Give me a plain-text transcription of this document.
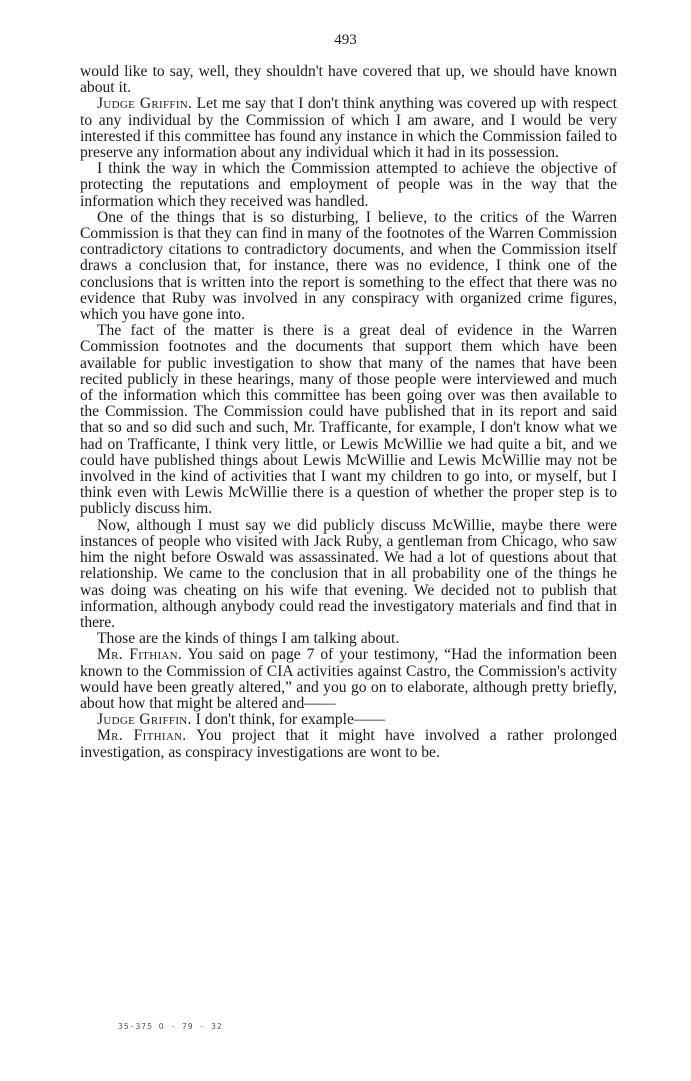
493

would like to say, well, they shouldn't have covered that up, we should have known about it.

Judge Griffin. Let me say that I don't think anything was covered up with respect to any individual by the Commission of which I am aware, and I would be very interested if this committee has found any instance in which the Commission failed to preserve any information about any individual which it had in its possession.

I think the way in which the Commission attempted to achieve the objective of protecting the reputations and employment of people was in the way that the information which they received was handled.

One of the things that is so disturbing, I believe, to the critics of the Warren Commission is that they can find in many of the footnotes of the Warren Commission contradictory citations to contradictory documents, and when the Commission itself draws a conclusion that, for instance, there was no evidence, I think one of the conclusions that is written into the report is something to the effect that there was no evidence that Ruby was involved in any conspiracy with organized crime figures, which you have gone into.

The fact of the matter is there is a great deal of evidence in the Warren Commission footnotes and the documents that support them which have been available for public investigation to show that many of the names that have been recited publicly in these hearings, many of those people were interviewed and much of the information which this committee has been going over was then available to the Commission. The Commission could have published that in its report and said that so and so did such and such, Mr. Trafficante, for example, I don't know what we had on Trafficante, I think very little, or Lewis McWillie we had quite a bit, and we could have published things about Lewis McWillie and Lewis McWillie may not be involved in the kind of activities that I want my children to go into, or myself, but I think even with Lewis McWillie there is a question of whether the proper step is to publicly discuss him.

Now, although I must say we did publicly discuss McWillie, maybe there were instances of people who visited with Jack Ruby, a gentleman from Chicago, who saw him the night before Oswald was assassinated. We had a lot of questions about that relationship. We came to the conclusion that in all probability one of the things he was doing was cheating on his wife that evening. We decided not to publish that information, although anybody could read the investigatory materials and find that in there.

Those are the kinds of things I am talking about.

Mr. Fithian. You said on page 7 of your testimony, “Had the information been known to the Commission of CIA activities against Castro, the Commission's activity would have been greatly altered,” and you go on to elaborate, although pretty briefly, about how that might be altered and——

Judge Griffin. I don't think, for example——

Mr. Fithian. You project that it might have involved a rather prolonged investigation, as conspiracy investigations are wont to be.

35-375 O - 79 - 32
